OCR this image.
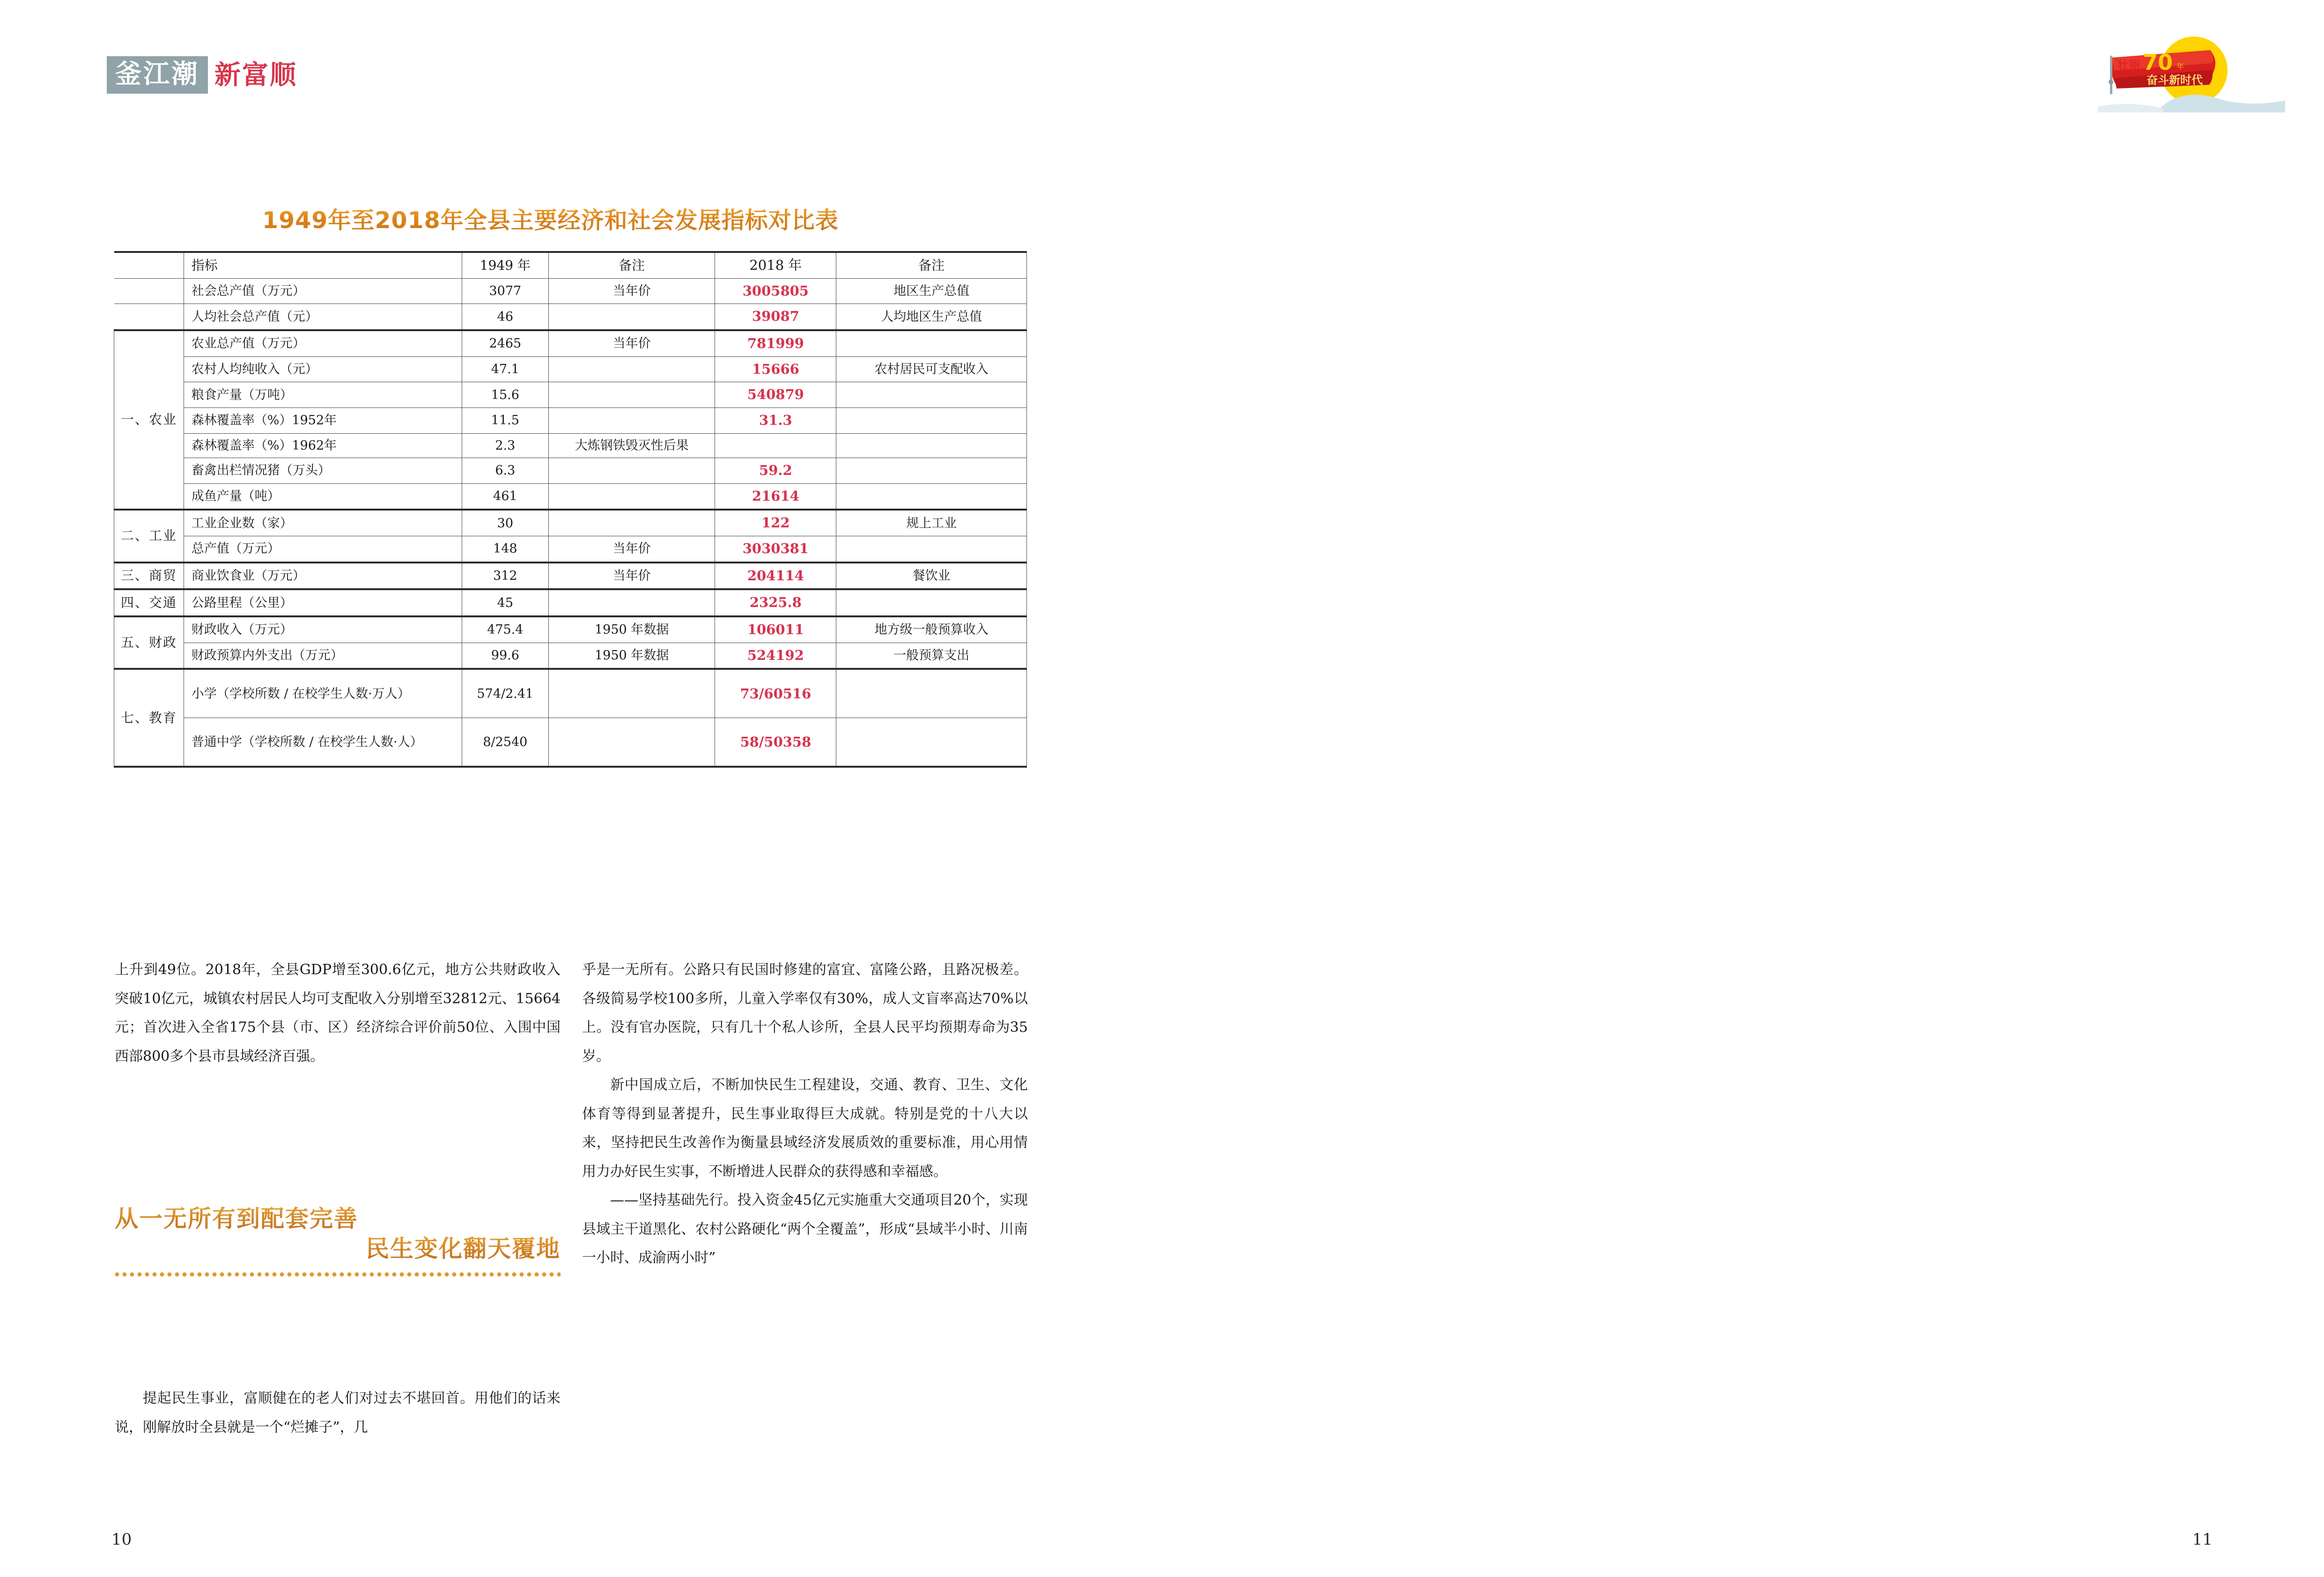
釜江潮 新富顺	壮丽 70 年
奋斗新时代
1949年至2018年全县主要经济和社会发展指标对比表
	指标	1949 年	备注	2018 年	备注
	社会总产值（万元）	3077	当年价	3005805	地区生产总值
	人均社会总产值（元）	46		39087	人均地区生产总值
一、农业	农业总产值（万元）	2465	当年价	781999	
	农村人均纯收入（元）	47.1		15666	农村居民可支配收入
	粮食产量（万吨）	15.6		540879	
	森林覆盖率（%）1952年	11.5		31.3	
	森林覆盖率（%）1962年	2.3	大炼钢铁毁灭性后果		
	畜禽出栏情况猪（万头）	6.3		59.2	
	成鱼产量（吨）	461		21614	
二、工业	工业企业数（家）	30		122	规上工业
	总产值（万元）	148	当年价	3030381	
三、商贸	商业饮食业（万元）	312	当年价	204114	餐饮业
四、交通	公路里程（公里）	45		2325.8	
五、财政	财政收入（万元）	475.4	1950 年数据	106011	地方级一般预算收入
	财政预算内外支出（万元）	99.6	1950 年数据	524192	一般预算支出
七、教育	小学（学校所数 / 在校学生人数·万人）	574/2.41		73/60516	
	普通中学（学校所数 / 在校学生人数·人）	8/2540		58/50358	

上升到49位。2018年，全县GDP增至300.6亿元，地方公共财政收入突破10亿元，城镇农村居民人均可支配收入分别增至32812元、15664元；首次进入全省175个县（市、区）经济综合评价前50位、入围中国西部800多个县市县域经济百强。

从一无所有到配套完善
民生变化翻天覆地

提起民生事业，富顺健在的老人们对过去不堪回首。用他们的话来说，刚解放时全县就是一个“烂摊子”，几

乎是一无所有。公路只有民国时修建的富宜、富隆公路，且路况极差。各级简易学校100多所，儿童入学率仅有30%，成人文盲率高达70%以上。没有官办医院，只有几十个私人诊所，全县人民平均预期寿命为35岁。

新中国成立后，不断加快民生工程建设，交通、教育、卫生、文化体育等得到显著提升，民生事业取得巨大成就。特别是党的十八大以来，坚持把民生改善作为衡量县域经济发展质效的重要标准，用心用情用力办好民生实事，不断增进人民群众的获得感和幸福感。

——坚持基础先行。投入资金45亿元实施重大交通项目20个，实现县域主干道黑化、农村公路硬化“两个全覆盖”，形成“县域半小时、川南一小时、成渝两小时”

10	11
